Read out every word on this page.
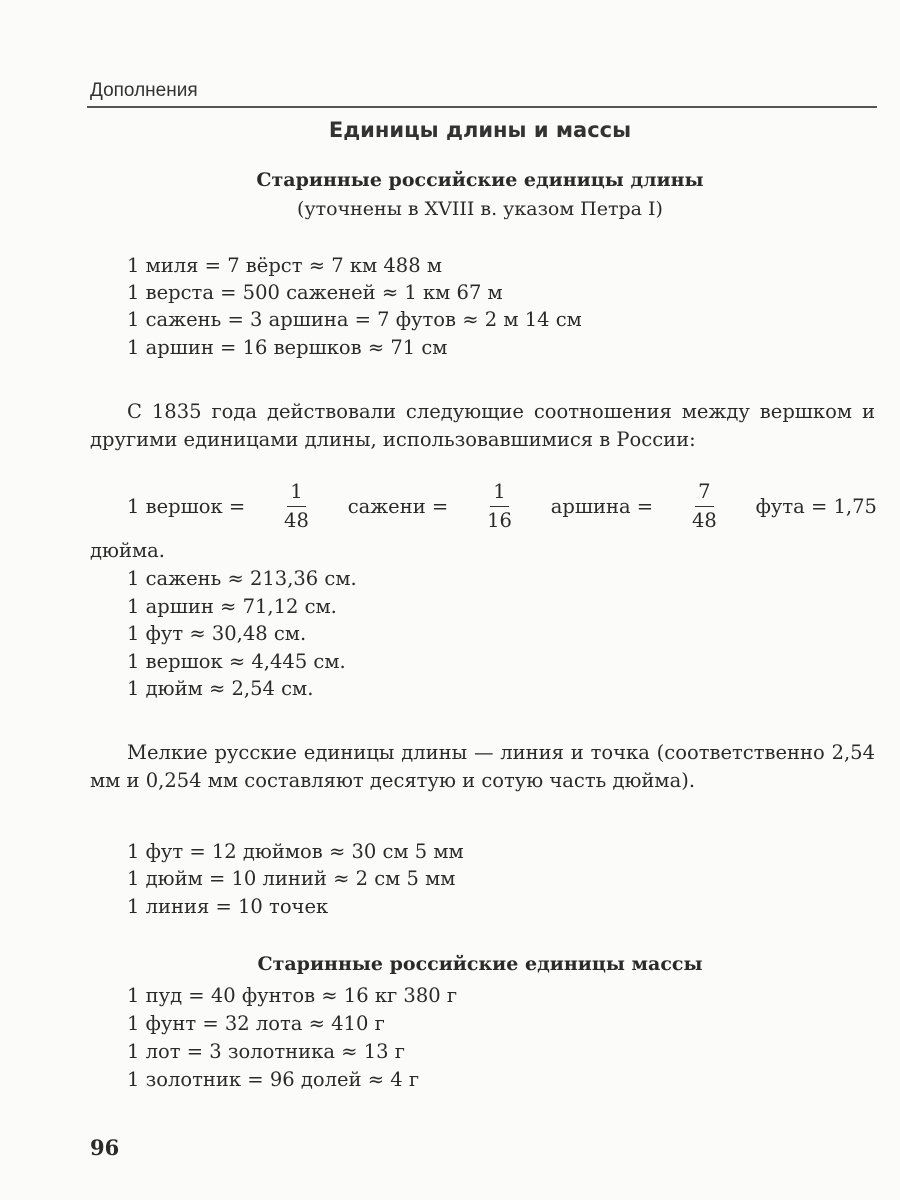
Дополнения
Единицы длины и массы
Старинные российские единицы длины
(уточнены в XVIII в. указом Петра I)
1 миля = 7 вёрст ≈ 7 км 488 м
1 верста = 500 саженей ≈ 1 км 67 м
1 сажень = 3 аршина = 7 футов ≈ 2 м 14 см
1 аршин = 16 вершков ≈ 71 см
С 1835 года действовали следующие соотношения между вершком и другими единицами длины, использовавшимися в России:
1 вершок = $\frac{1}{48}$ сажени = $\frac{1}{16}$ аршина = $\frac{7}{48}$ фута = 1,75
дюйма.
1 сажень ≈ 213,36 см.
1 аршин ≈ 71,12 см.
1 фут ≈ 30,48 см.
1 вершок ≈ 4,445 см.
1 дюйм ≈ 2,54 см.
Мелкие русские единицы длины — линия и точка (соответственно 2,54 мм и 0,254 мм составляют десятую и сотую часть дюйма).
1 фут = 12 дюймов ≈ 30 см 5 мм
1 дюйм = 10 линий ≈ 2 см 5 мм
1 линия = 10 точек
Старинные российские единицы массы
1 пуд = 40 фунтов ≈ 16 кг 380 г
1 фунт = 32 лота ≈ 410 г
1 лот = 3 золотника ≈ 13 г
1 золотник = 96 долей ≈ 4 г
96
